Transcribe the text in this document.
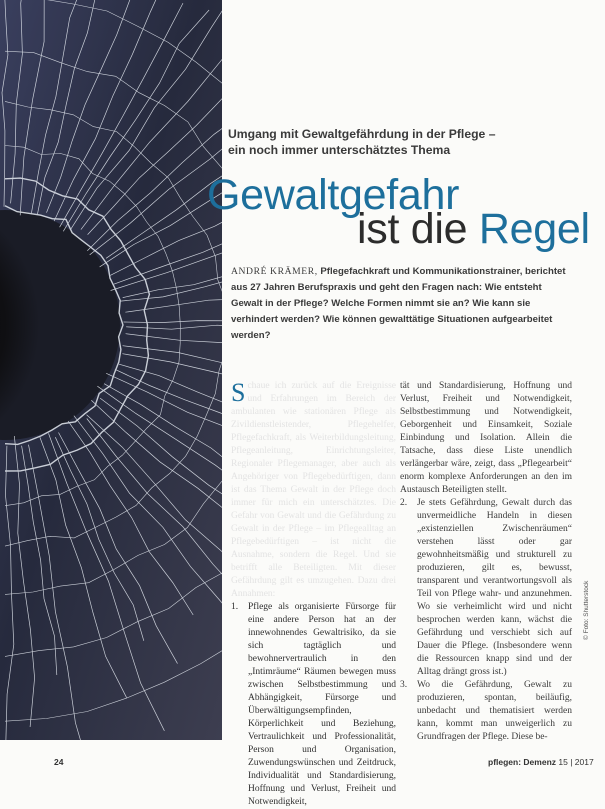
Umgang mit Gewaltgefährdung in der Pflege –
ein noch immer unterschätztes Thema
Gewaltgefahr
ist die Regel
ANDRÉ KRÄMER, Pflegefachkraft und Kommunikationstrainer, berichtet aus 27 Jahren Berufspraxis und geht den Fragen nach: Wie entsteht Gewalt in der Pflege? Welche Formen nimmt sie an? Wie kann sie verhindert werden? Wie können gewalttätige Situationen aufgearbeitet werden?

Schaue ich zurück auf die Ereignisse und Erfahrungen im Bereich der ambulanten wie stationären Pflege als Zivildienstleistender, Pflegehelfer, Pflegefachkraft, als Weiterbildungsleitung, Pflegeanleitung, Einrichtungsleiter, Regionaler Pflegemanager, aber auch als Angehöriger von Pflegebedürftigen, dann ist das Thema Gewalt in der Pflege doch immer für mich ein unterschätztes. Die Gefahr von Gewalt und die Gefährdung zu Gewalt in der Pflege – im Pflegealltag an Pflegebedürftigen – ist nicht die Ausnahme, sondern die Regel. Und sie betrifft alle Beteiligten. Mit dieser Gefährdung gilt es umzugehen. Dazu drei Annahmen:

1. Pflege als organisierte Fürsorge für eine andere Person hat an der innewohnendes Gewaltrisiko, da sie sich tagtäglich und bewohnervertraulich in den „Intimräume“ Räumen bewegen muss zwischen Selbstbestimmung und Abhängigkeit, Fürsorge und Überwältigungsempfinden, Körperlichkeit und Beziehung, Vertraulichkeit und Professionalität, Person und Organisation, Zuwendungswünschen und Zeitdruck, Individualität und Standardisierung, Hoffnung und Verlust, Freiheit und Notwendigkeit,

tät und Standardisierung, Hoffnung und Verlust, Freiheit und Notwendigkeit, Selbstbestimmung und Notwendigkeit, Geborgenheit und Einsamkeit, Soziale Einbindung und Isolation. Allein die Tatsache, dass diese Liste unendlich verlängerbar wäre, zeigt, dass „Pflegearbeit“ enorm komplexe Anforderungen an den im Austausch Beteiligten stellt.

2. Je stets Gefährdung, Gewalt durch das unvermeidliche Handeln in diesen „existenziellen Zwischenräumen“ verstehen lässt oder gar gewohnheitsmäßig und strukturell zu produzieren, gilt es, bewusst, transparent und verantwortungsvoll als Teil von Pflege wahr- und anzunehmen. Wo sie verheimlicht wird und nicht besprochen werden kann, wächst die Gefährdung und verschiebt sich auf Dauer die Pflege. (Insbesondere wenn die Ressourcen knapp sind und der Alltag drängt gross ist.)
3. Wo die Gefährdung, Gewalt zu produzieren, spontan, beiläufig, unbedacht und thematisiert werden kann, kommt man unweigerlich zu Grundfragen der Pflege. Diese be-
24	pflegen: Demenz 15 | 2017
© Foto: Shutterstock
